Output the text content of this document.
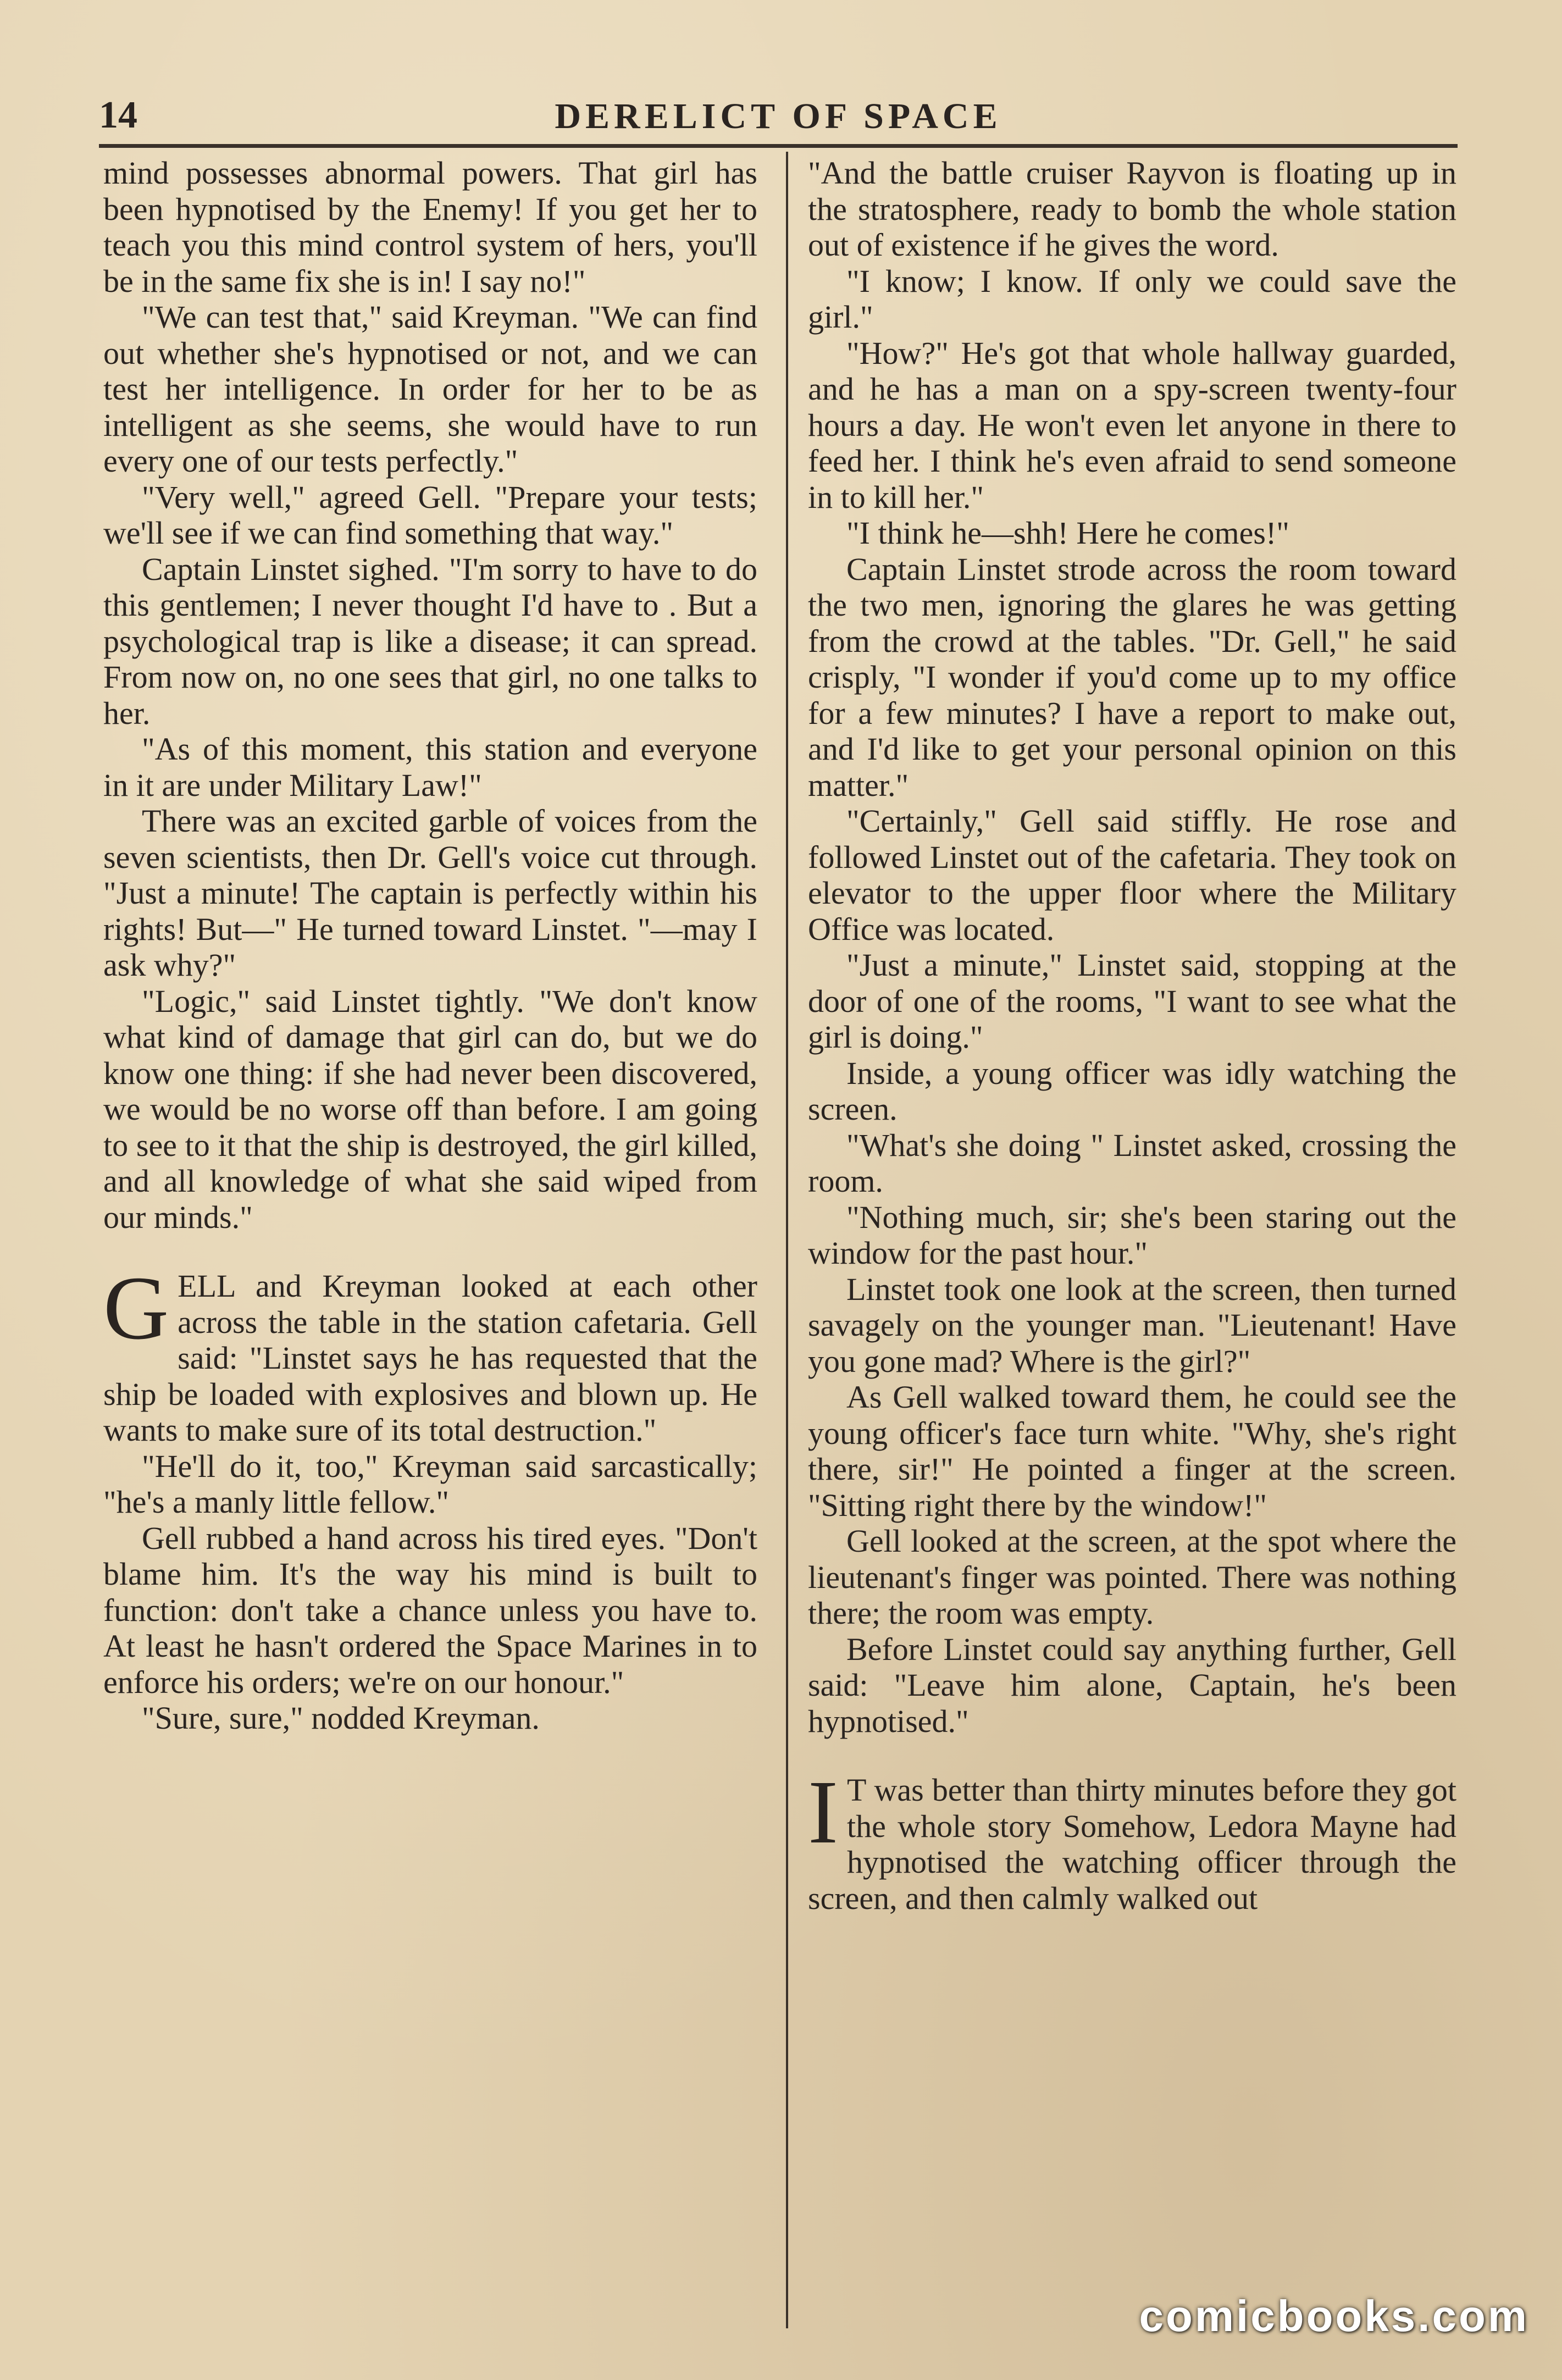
14	DERELICT OF SPACE

mind possesses abnormal powers. That girl has been hypnotised by the Enemy! If you get her to teach you this mind control system of hers, you'll be in the same fix she is in! I say no!"

"We can test that," said Kreyman. "We can find out whether she's hypnotised or not, and we can test her intelligence. In order for her to be as intelligent as she seems, she would have to run every one of our tests perfectly."

"Very well," agreed Gell. "Prepare your tests; we'll see if we can find something that way."

Captain Linstet sighed. "I'm sorry to have to do this gentlemen; I never thought I'd have to . But a psychological trap is like a disease; it can spread. From now on, no one sees that girl, no one talks to her.

"As of this moment, this station and everyone in it are under Military Law!"

There was an excited garble of voices from the seven scientists, then Dr. Gell's voice cut through. "Just a minute! The captain is perfectly within his rights! But—" He turned toward Linstet. "—may I ask why?"

"Logic," said Linstet tightly. "We don't know what kind of damage that girl can do, but we do know one thing: if she had never been discovered, we would be no worse off than before. I am going to see to it that the ship is destroyed, the girl killed, and all knowledge of what she said wiped from our minds."

GELL and Kreyman looked at each other across the table in the station cafetaria. Gell said: "Linstet says he has requested that the ship be loaded with explosives and blown up. He wants to make sure of its total destruction."

"He'll do it, too," Kreyman said sarcastically; "he's a manly little fellow."

Gell rubbed a hand across his tired eyes. "Don't blame him. It's the way his mind is built to function: don't take a chance unless you have to. At least he hasn't ordered the Space Marines in to enforce his orders; we're on our honour."

"Sure, sure," nodded Kreyman.

"And the battle cruiser Rayvon is floating up in the stratosphere, ready to bomb the whole station out of existence if he gives the word.

"I know; I know. If only we could save the girl."

"How?" He's got that whole hallway guarded, and he has a man on a spy-screen twenty-four hours a day. He won't even let anyone in there to feed her. I think he's even afraid to send someone in to kill her."

"I think he—shh! Here he comes!"

Captain Linstet strode across the room toward the two men, ignoring the glares he was getting from the crowd at the tables. "Dr. Gell," he said crisply, "I wonder if you'd come up to my office for a few minutes? I have a report to make out, and I'd like to get your personal opinion on this matter."

"Certainly," Gell said stiffly. He rose and followed Linstet out of the cafetaria. They took on elevator to the upper floor where the Military Office was located.

"Just a minute," Linstet said, stopping at the door of one of the rooms, "I want to see what the girl is doing."

Inside, a young officer was idly watching the screen.

"What's she doing " Linstet asked, crossing the room.

"Nothing much, sir; she's been staring out the window for the past hour."

Linstet took one look at the screen, then turned savagely on the younger man. "Lieutenant! Have you gone mad? Where is the girl?"

As Gell walked toward them, he could see the young officer's face turn white. "Why, she's right there, sir!" He pointed a finger at the screen. "Sitting right there by the window!"

Gell looked at the screen, at the spot where the lieutenant's finger was pointed. There was nothing there; the room was empty.

Before Linstet could say anything further, Gell said: "Leave him alone, Captain, he's been hypnotised."

I T was better than thirty minutes before they got the whole story Somehow, Ledora Mayne had hypnotised the watching officer through the screen, and then calmly walked out

comicbooks.com
